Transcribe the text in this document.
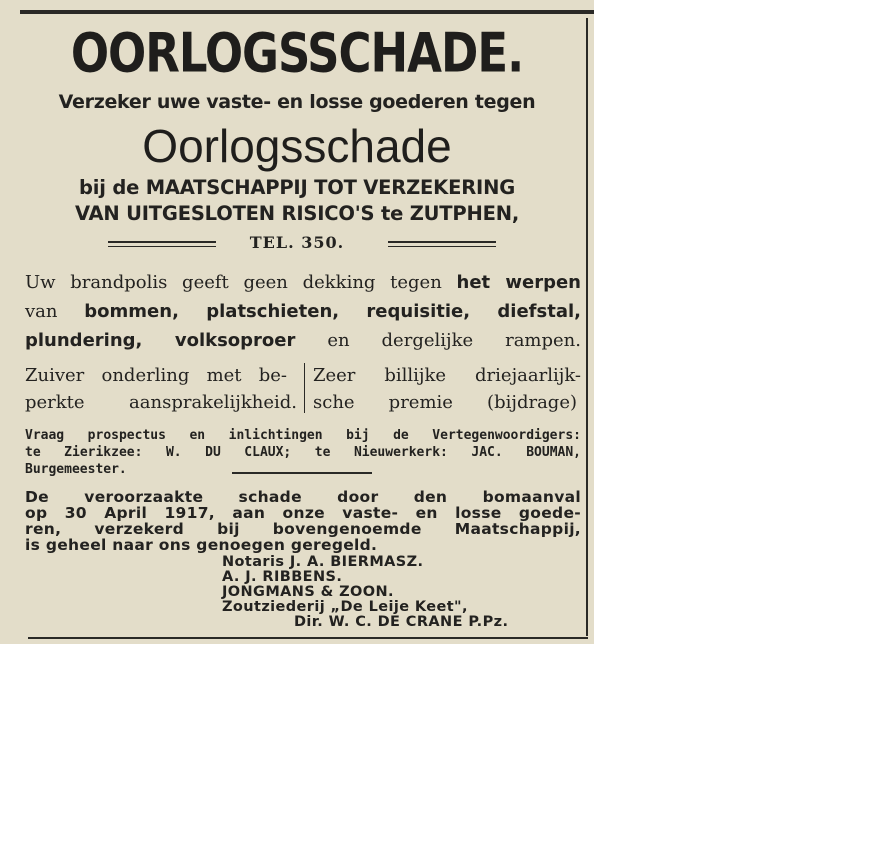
OORLOGSSCHADE.
Verzeker uwe vaste- en losse goederen tegen
Oorlogsschade
bij de MAATSCHAPPIJ TOT VERZEKERING
VAN UITGESLOTEN RISICO'S te ZUTPHEN,
TEL. 350.
Uw brandpolis geeft geen dekking tegen het werpen
van bommen, platschieten, requisitie, diefstal,
plundering, volksoproer en dergelijke rampen.
Zuiver onderling met be-
perkte aansprakelijkheid.
Zeer billijke driejaarlijk-
sche premie (bijdrage)
Vraag prospectus en inlichtingen bij de Vertegenwoordigers:
te Zierikzee: W. DU CLAUX; te Nieuwerkerk: JAC. BOUMAN,
Burgemeester.
De veroorzaakte schade door den bomaanval
op 30 April 1917, aan onze vaste- en losse goede-
ren, verzekerd bij bovengenoemde Maatschappij,
is geheel naar ons genoegen geregeld.
Notaris J. A. BIERMASZ.
A. J. RIBBENS.
JONGMANS & ZOON.
Zoutziederij „De Leije Keet",
Dir. W. C. DE CRANE P.Pz.
